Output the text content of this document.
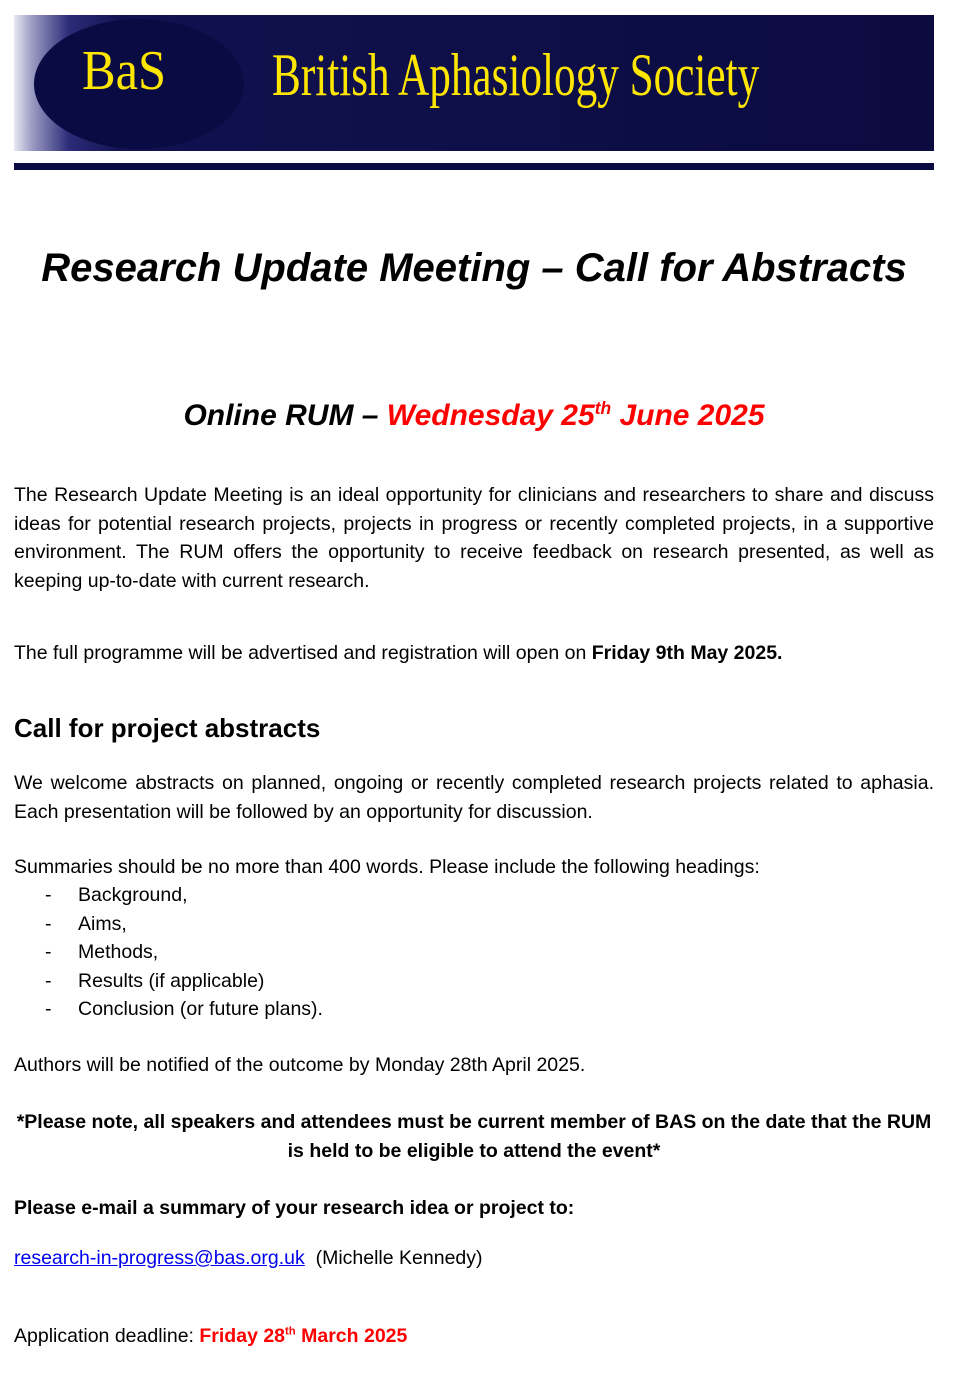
BaS British Aphasiology Society
Research Update Meeting – Call for Abstracts
Online RUM – Wednesday 25th June 2025

The Research Update Meeting is an ideal opportunity for clinicians and researchers to share and discuss ideas for potential research projects, projects in progress or recently completed projects, in a supportive environment. The RUM offers the opportunity to receive feedback on research presented, as well as keeping up-to-date with current research.

The full programme will be advertised and registration will open on Friday 9th May 2025.

Call for project abstracts

We welcome abstracts on planned, ongoing or recently completed research projects related to aphasia. Each presentation will be followed by an opportunity for discussion.

Summaries should be no more than 400 words. Please include the following headings:

- Background,
- Aims,
- Methods,
- Results (if applicable)
- Conclusion (or future plans).

Authors will be notified of the outcome by Monday 28th April 2025.

*Please note, all speakers and attendees must be current member of BAS on the date that the RUM is held to be eligible to attend the event*

Please e-mail a summary of your research idea or project to:

research-in-progress@bas.org.uk (Michelle Kennedy)

Application deadline: Friday 28th March 2025
